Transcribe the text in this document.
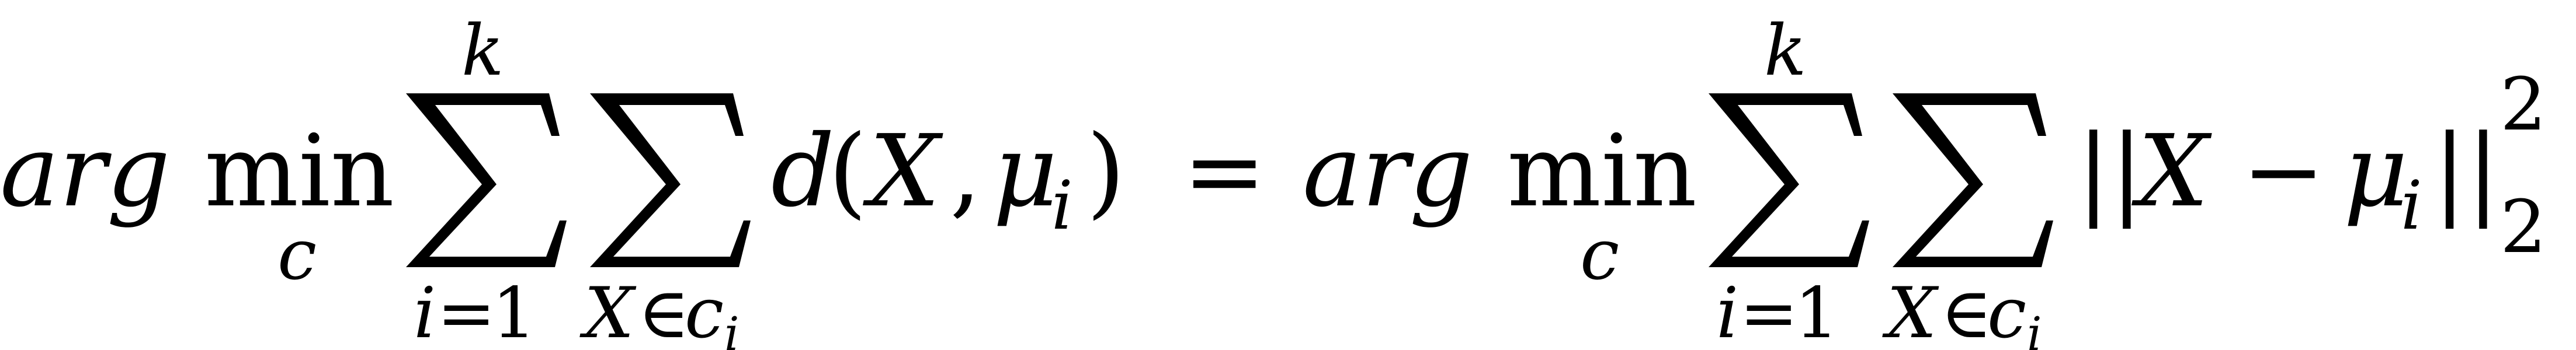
arg min
c
k
i =
1 X ∈
c i
d
( X , μ
i ) = arg min
c
k
i =
1 X ∈
c i
||
X − μ
i ||
2
2
